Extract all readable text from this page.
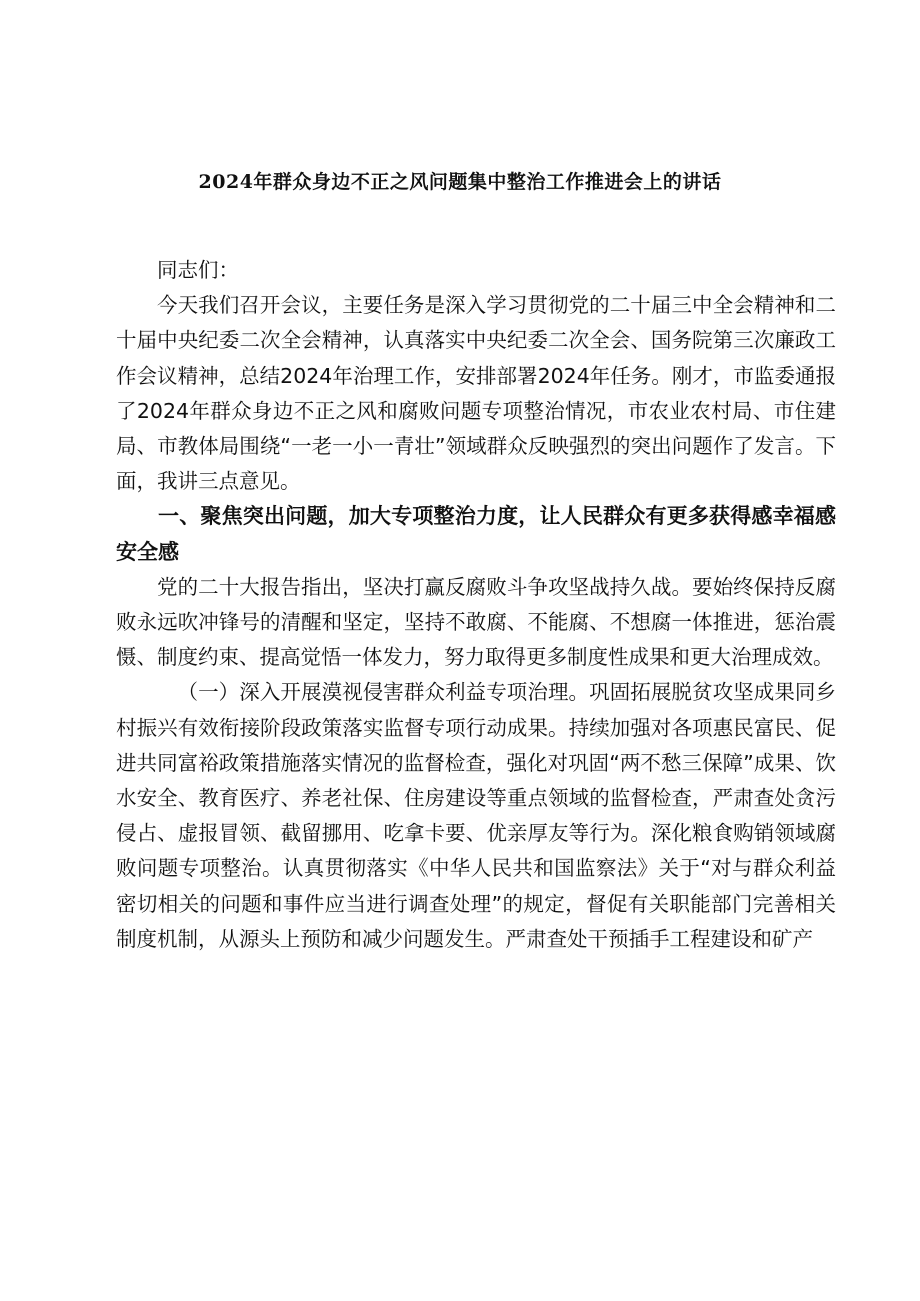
2024年群众身边不正之风问题集中整治工作推进会上的讲话

同志们：

今天我们召开会议，主要任务是深入学习贯彻党的二十届三中全会精神和二十届中央纪委二次全会精神，认真落实中央纪委二次全会、国务院第三次廉政工作会议精神，总结2024年治理工作，安排部署2024年任务。刚才，市监委通报了2024年群众身边不正之风和腐败问题专项整治情况，市农业农村局、市住建局、市教体局围绕“一老一小一青壮”领域群众反映强烈的突出问题作了发言。下面，我讲三点意见。

一、聚焦突出问题，加大专项整治力度，让人民群众有更多获得感幸福感安全感

党的二十大报告指出，坚决打赢反腐败斗争攻坚战持久战。要始终保持反腐败永远吹冲锋号的清醒和坚定，坚持不敢腐、不能腐、不想腐一体推进，惩治震慑、制度约束、提高觉悟一体发力，努力取得更多制度性成果和更大治理成效。

（一）深入开展漠视侵害群众利益专项治理。巩固拓展脱贫攻坚成果同乡村振兴有效衔接阶段政策落实监督专项行动成果。持续加强对各项惠民富民、促进共同富裕政策措施落实情况的监督检查，强化对巩固“两不愁三保障”成果、饮水安全、教育医疗、养老社保、住房建设等重点领域的监督检查，严肃查处贪污侵占、虚报冒领、截留挪用、吃拿卡要、优亲厚友等行为。深化粮食购销领域腐败问题专项整治。认真贯彻落实《中华人民共和国监察法》关于“对与群众利益密切相关的问题和事件应当进行调查处理”的规定，督促有关职能部门完善相关制度机制，从源头上预防和减少问题发生。严肃查处干预插手工程建设和矿产
